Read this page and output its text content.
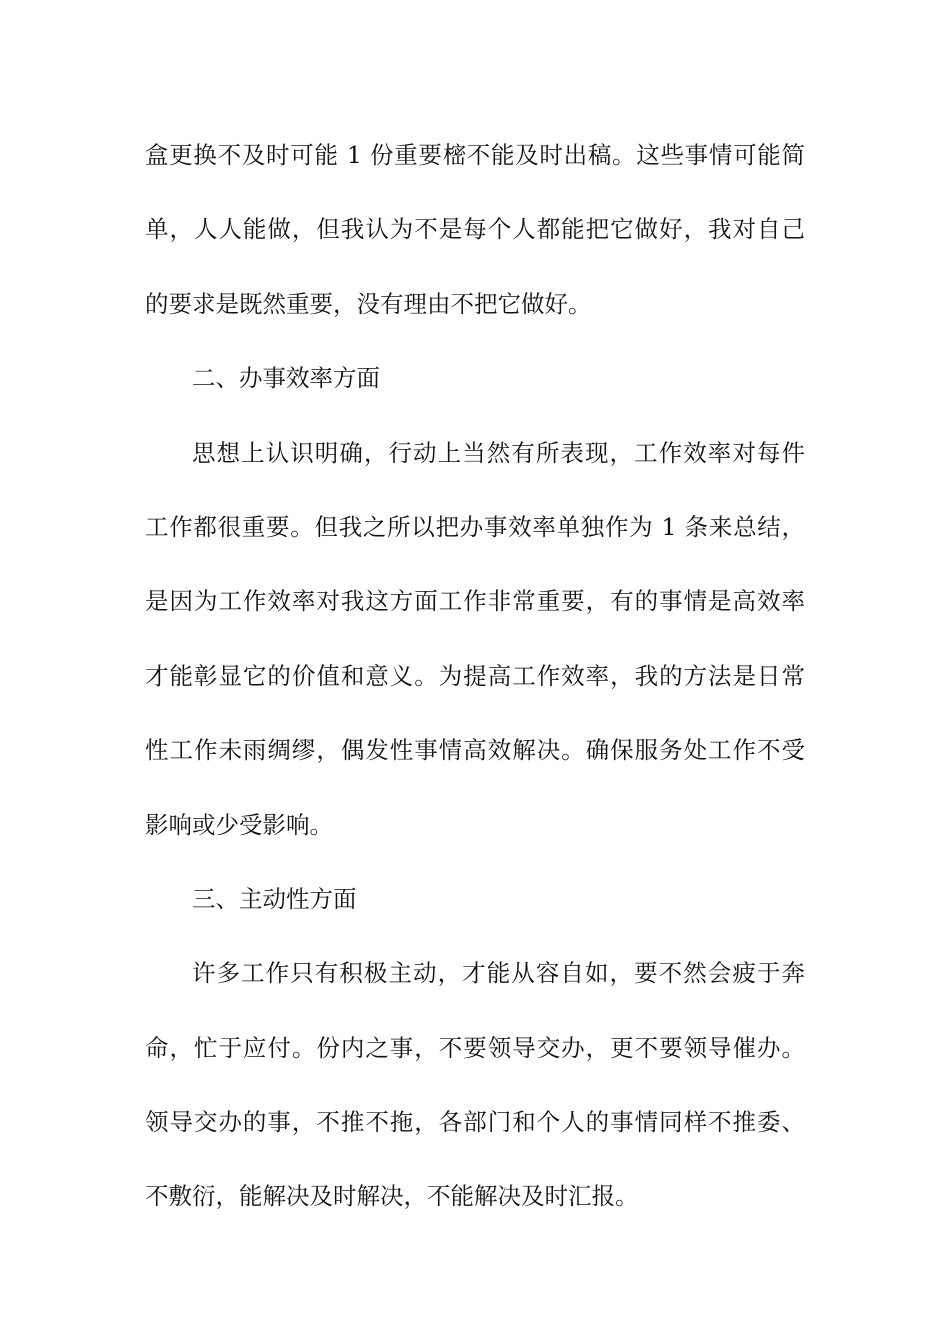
盒更换不及时可能 1 份重要樒不能及时出稿。这些事情可能简
单，人人能做，但我认为不是每个人都能把它做好，我对自己
的要求是既然重要，没有理由不把它做好。
二、办事效率方面
思想上认识明确，行动上当然有所表现，工作效率对每件
工作都很重要。但我之所以把办事效率单独作为 1 条来总结，
是因为工作效率对我这方面工作非常重要，有的事情是高效率
才能彰显它的价值和意义。为提高工作效率，我的方法是日常
性工作未雨绸缪，偶发性事情高效解决。确保服务处工作不受
影响或少受影响。
三、主动性方面
许多工作只有积极主动，才能从容自如，要不然会疲于奔
命，忙于应付。份内之事，不要领导交办，更不要领导催办。
领导交办的事，不推不拖，各部门和个人的事情同样不推委、
不敷衍，能解决及时解决，不能解决及时汇报。
